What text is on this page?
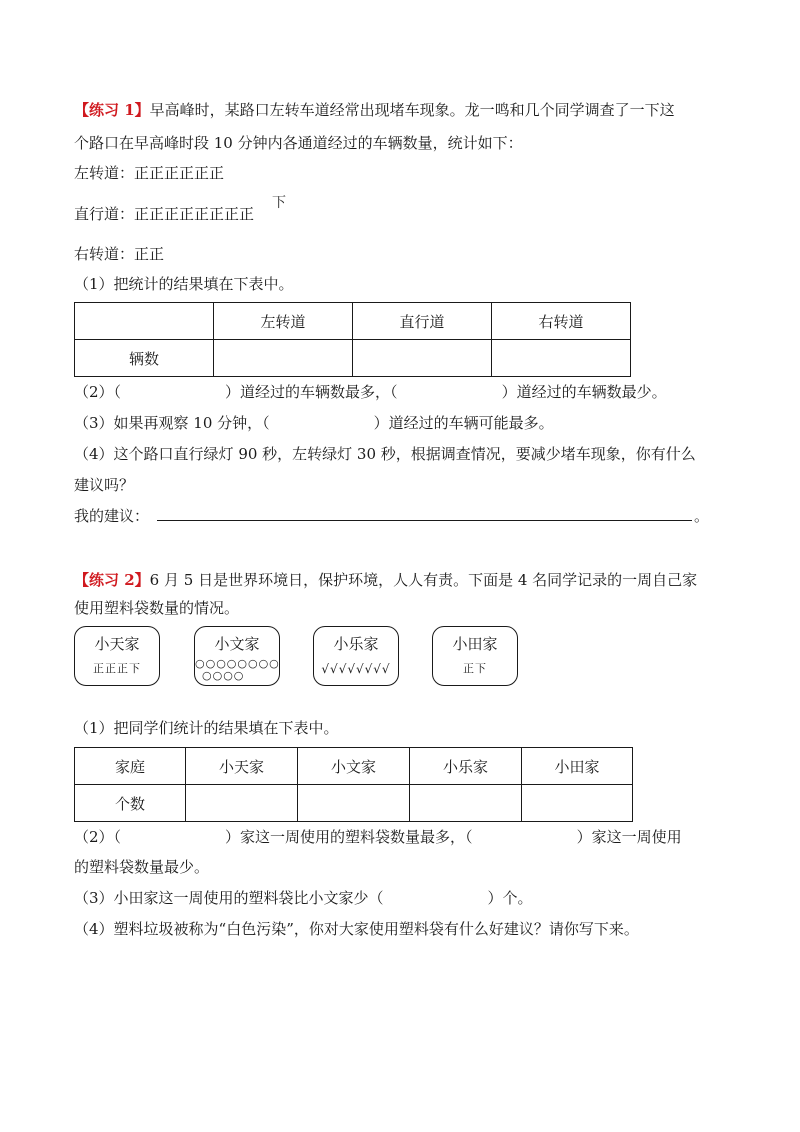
【练习 1】早高峰时，某路口左转车道经常出现堵车现象。龙一鸣和几个同学调查了一下这
个路口在早高峰时段 10 分钟内各通道经过的车辆数量，统计如下：
左转道：正正正正正正
直行道：正正正正正正正正
下
右转道：正正
（1）把统计的结果填在下表中。
	左转道	直行道	右转道
辆数			
（2）（	）道经过的车辆数最多，（	）道经过的车辆数最少。
（3）如果再观察 10 分钟，（	）道经过的车辆可能最多。
（4）这个路口直行绿灯 90 秒，左转绿灯 30 秒，根据调查情况，要减少堵车现象，你有什么
建议吗？
我的建议：	。
【练习 2】6 月 5 日是世界环境日，保护环境，人人有责。下面是 4 名同学记录的一周自己家
使用塑料袋数量的情况。
小天家
正正正下
小文家
○○○○○○○○
○○○○
小乐家
√√√√√√√√
小田家
正下
（1）把同学们统计的结果填在下表中。
家庭	小天家	小文家	小乐家	小田家
个数				
（2）（	）家这一周使用的塑料袋数量最多，（	）家这一周使用
的塑料袋数量最少。
（3）小田家这一周使用的塑料袋比小文家少（	）个。
（4）塑料垃圾被称为“白色污染”，你对大家使用塑料袋有什么好建议？请你写下来。
